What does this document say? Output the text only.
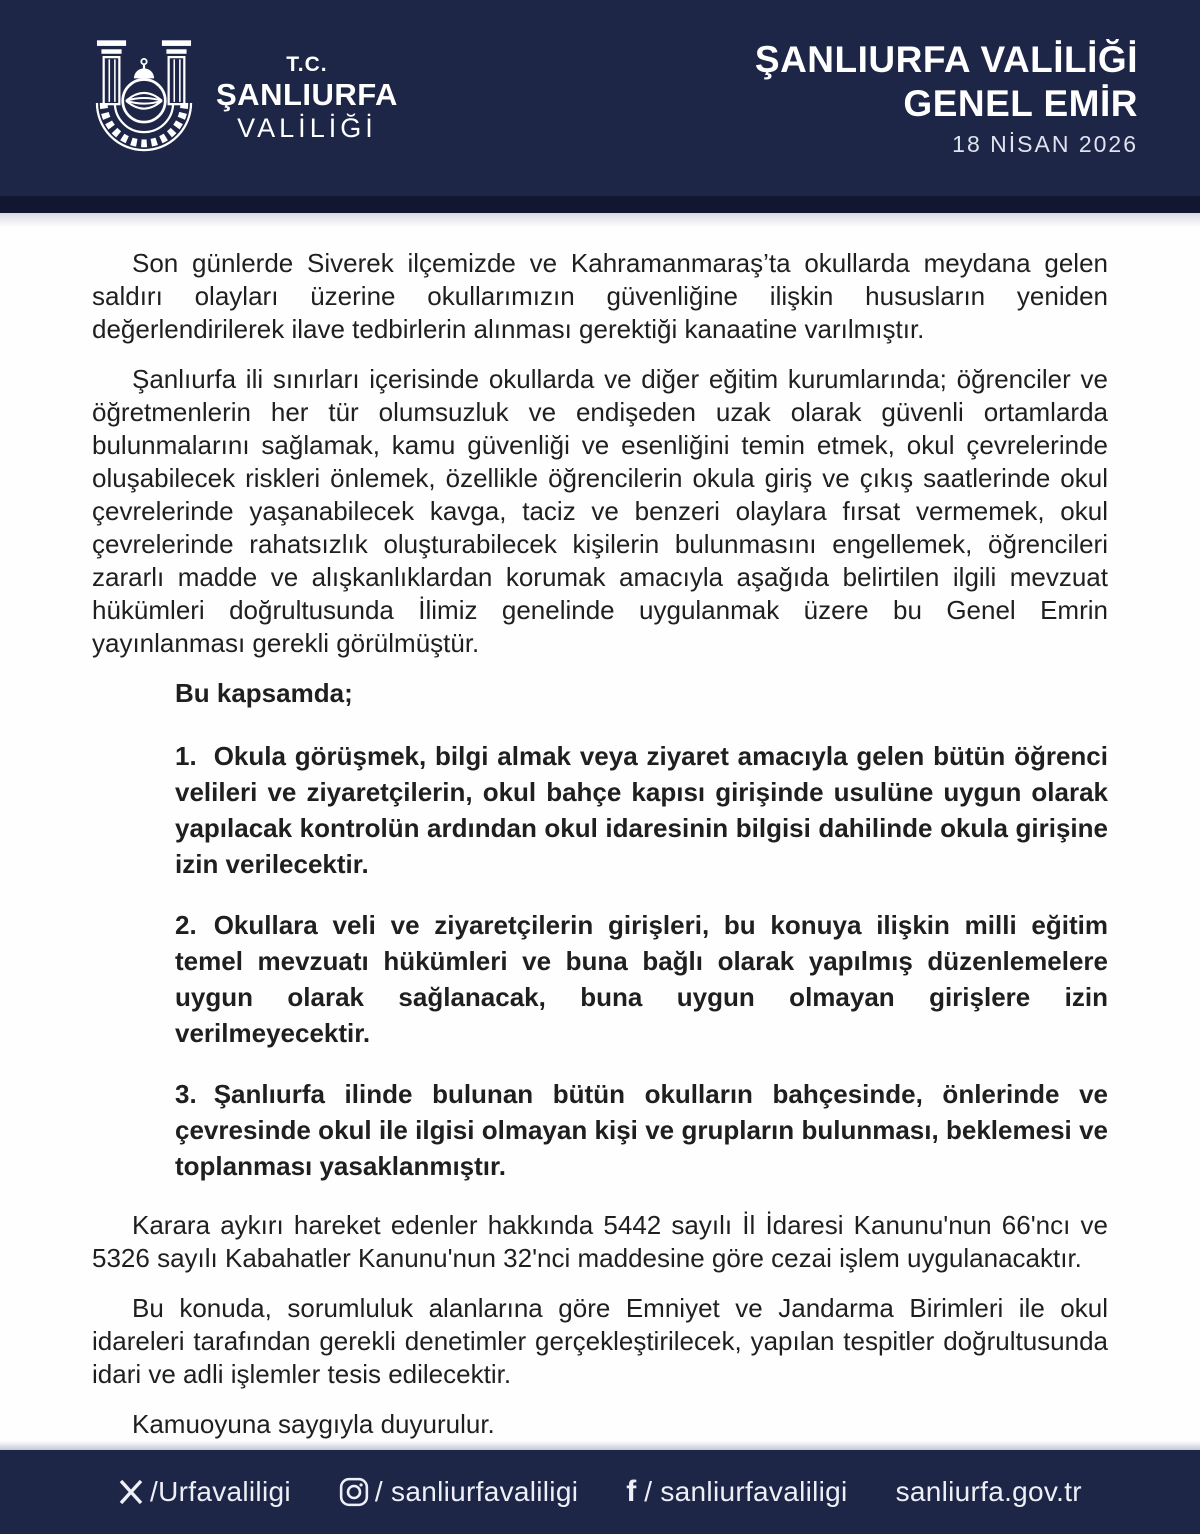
T.C.
ŞANLIURFA
VALİLİĞİ
ŞANLIURFA VALİLİĞİ
GENEL EMİR
18 NİSAN 2026

Son günlerde Siverek ilçemizde ve Kahramanmaraş’ta okullarda meydana gelen saldırı olayları üzerine okullarımızın güvenliğine ilişkin hususların yeniden değerlendirilerek ilave tedbirlerin alınması gerektiği kanaatine varılmıştır.

Şanlıurfa ili sınırları içerisinde okullarda ve diğer eğitim kurumlarında; öğrenciler ve öğretmenlerin her tür olumsuzluk ve endişeden uzak olarak güvenli ortamlarda bulunmalarını sağlamak, kamu güvenliği ve esenliğini temin etmek, okul çevrelerinde oluşabilecek riskleri önlemek, özellikle öğrencilerin okula giriş ve çıkış saatlerinde okul çevrelerinde yaşanabilecek kavga, taciz ve benzeri olaylara fırsat vermemek, okul çevrelerinde rahatsızlık oluşturabilecek kişilerin bulunmasını engellemek, öğrencileri zararlı madde ve alışkanlıklardan korumak amacıyla aşağıda belirtilen ilgili mevzuat hükümleri doğrultusunda İlimiz genelinde uygulanmak üzere bu Genel Emrin yayınlanması gerekli görülmüştür.

Bu kapsamda;

1. Okula görüşmek, bilgi almak veya ziyaret amacıyla gelen bütün öğrenci velileri ve ziyaretçilerin, okul bahçe kapısı girişinde usulüne uygun olarak yapılacak kontrolün ardından okul idaresinin bilgisi dahilinde okula girişine izin verilecektir.

2. Okullara veli ve ziyaretçilerin girişleri, bu konuya ilişkin milli eğitim temel mevzuatı hükümleri ve buna bağlı olarak yapılmış düzenlemelere uygun olarak sağlanacak, buna uygun olmayan girişlere izin verilmeyecektir.

3. Şanlıurfa ilinde bulunan bütün okulların bahçesinde, önlerinde ve çevresinde okul ile ilgisi olmayan kişi ve grupların bulunması, beklemesi ve toplanması yasaklanmıştır.

Karara aykırı hareket edenler hakkında 5442 sayılı İl İdaresi Kanunu'nun 66'ncı ve 5326 sayılı Kabahatler Kanunu'nun 32'nci maddesine göre cezai işlem uygulanacaktır.

Bu konuda, sorumluluk alanlarına göre Emniyet ve Jandarma Birimleri ile okul idareleri tarafından gerekli denetimler gerçekleştirilecek, yapılan tespitler doğrultusunda idari ve adli işlemler tesis edilecektir.

Kamuoyuna saygıyla duyurulur.

/Urfavaliligi	/ sanliurfavaliligi f / sanliurfavaliligi sanliurfa.gov.tr
